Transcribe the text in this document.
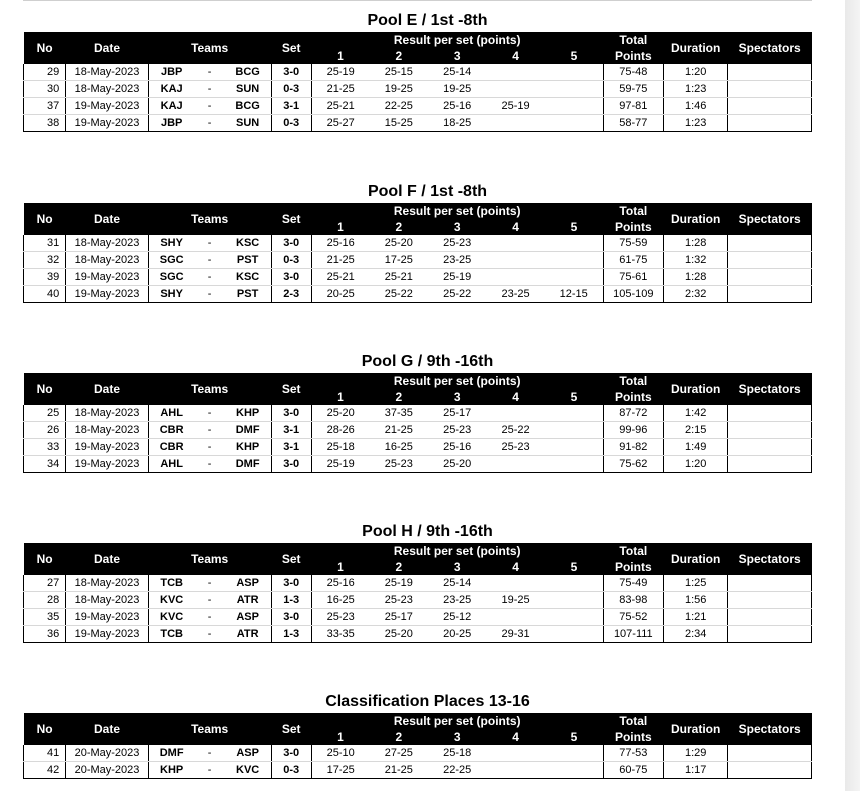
Pool E / 1st -8th
No	Date	Teams			Set	Result per set (points)					Total	Duration	Spectators
						1	2	3	4	5	Points		
29	18-May-2023	JBP	-	BCG	3-0	25-19	25-15	25-14			75-48	1:20	
30	18-May-2023	KAJ	-	SUN	0-3	21-25	19-25	19-25			59-75	1:23	
37	19-May-2023	KAJ	-	BCG	3-1	25-21	22-25	25-16	25-19		97-81	1:46	
38	19-May-2023	JBP	-	SUN	0-3	25-27	15-25	18-25			58-77	1:23	
Pool F / 1st -8th
No	Date	Teams			Set	Result per set (points)					Total	Duration	Spectators
						1	2	3	4	5	Points		
31	18-May-2023	SHY	-	KSC	3-0	25-16	25-20	25-23			75-59	1:28	
32	18-May-2023	SGC	-	PST	0-3	21-25	17-25	23-25			61-75	1:32	
39	19-May-2023	SGC	-	KSC	3-0	25-21	25-21	25-19			75-61	1:28	
40	19-May-2023	SHY	-	PST	2-3	20-25	25-22	25-22	23-25	12-15	105-109	2:32	
Pool G / 9th -16th
No	Date	Teams			Set	Result per set (points)					Total	Duration	Spectators
						1	2	3	4	5	Points		
25	18-May-2023	AHL	-	KHP	3-0	25-20	37-35	25-17			87-72	1:42	
26	18-May-2023	CBR	-	DMF	3-1	28-26	21-25	25-23	25-22		99-96	2:15	
33	19-May-2023	CBR	-	KHP	3-1	25-18	16-25	25-16	25-23		91-82	1:49	
34	19-May-2023	AHL	-	DMF	3-0	25-19	25-23	25-20			75-62	1:20	
Pool H / 9th -16th
No	Date	Teams			Set	Result per set (points)					Total	Duration	Spectators
						1	2	3	4	5	Points		
27	18-May-2023	TCB	-	ASP	3-0	25-16	25-19	25-14			75-49	1:25	
28	18-May-2023	KVC	-	ATR	1-3	16-25	25-23	23-25	19-25		83-98	1:56	
35	19-May-2023	KVC	-	ASP	3-0	25-23	25-17	25-12			75-52	1:21	
36	19-May-2023	TCB	-	ATR	1-3	33-35	25-20	20-25	29-31		107-111	2:34	
Classification Places 13-16
No	Date	Teams			Set	Result per set (points)					Total	Duration	Spectators
						1	2	3	4	5	Points		
41	20-May-2023	DMF	-	ASP	3-0	25-10	27-25	25-18			77-53	1:29	
42	20-May-2023	KHP	-	KVC	0-3	17-25	21-25	22-25			60-75	1:17	
